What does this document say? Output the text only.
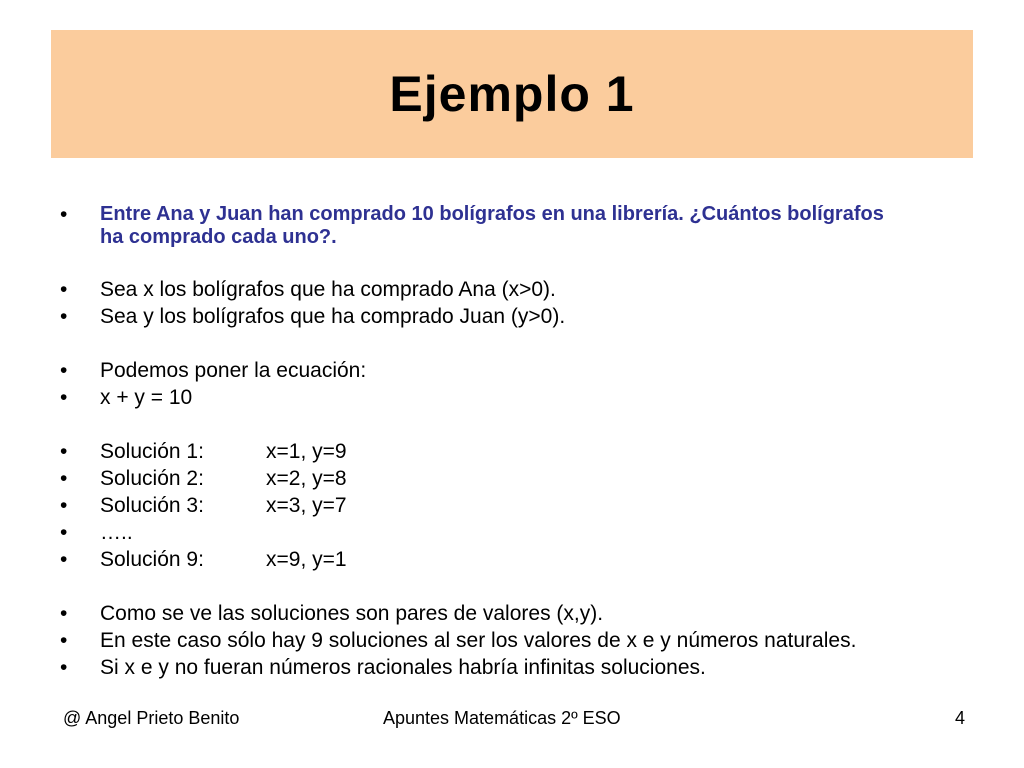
Ejemplo 1
•	Entre Ana y Juan han comprado 10 bolígrafos en una librería. ¿Cuántos bolígrafos ha comprado cada uno?.
•	Sea x los bolígrafos que ha comprado Ana (x>0).
•	Sea y los bolígrafos que ha comprado Juan (y>0).
•	Podemos poner la ecuación:
•	x + y = 10
•	Solución 1:	x=1, y=9
•	Solución 2:	x=2, y=8
•	Solución 3:	x=3, y=7
•	…..
•	Solución 9:	x=9, y=1
•	Como se ve las soluciones son pares de valores (x,y).
•	En este caso sólo hay 9 soluciones al ser los valores de x e y números naturales.
•	Si x e y no fueran números racionales habría infinitas soluciones.
@ Angel Prieto Benito	Apuntes Matemáticas 2º ESO	4
